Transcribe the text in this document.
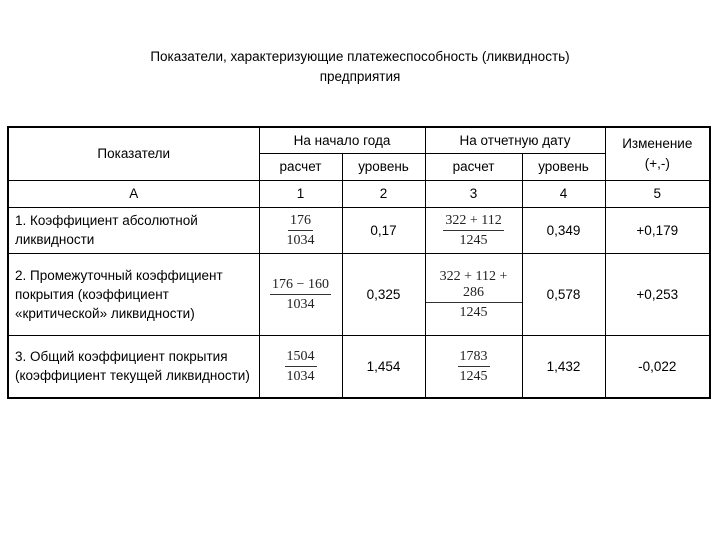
Показатели, характеризующие платежеспособность (ликвидность)
предприятия
Показатели	На начало года		На отчетную дату		Изменение (+,-)
	расчет	уровень	расчет	уровень	
А	1	2	3	4	5
1. Коэффициент абсолютной ликвидности	$\frac{176}{1034}$	0,17	$\frac{322 + 112}{1245}$	0,349	+0,179
2. Промежуточный коэффициент покрытия (коэффициент «критической» ликвидности)	$\frac{176 - 160}{1034}$	0,325	$\frac{322 + 112 + 286}{1245}$	0,578	+0,253
3. Общий коэффициент покрытия (коэффициент текущей ликвидности)	$\frac{1504}{1034}$	1,454	$\frac{1783}{1245}$	1,432	-0,022
